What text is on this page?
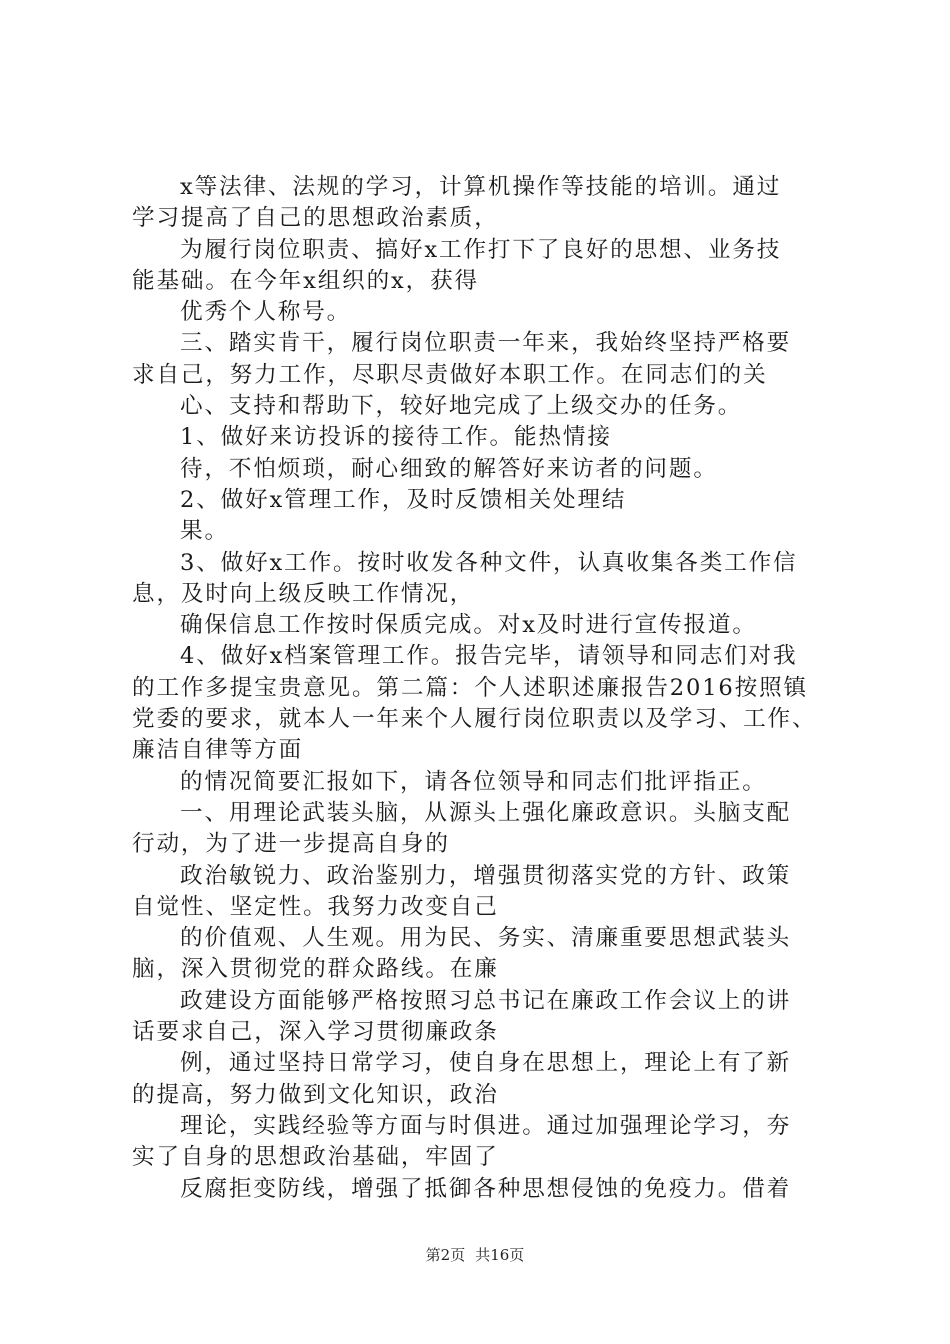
x等法律、法规的学习，计算机操作等技能的培训。通过
学习提高了自己的思想政治素质，
为履行岗位职责、搞好x工作打下了良好的思想、业务技
能基础。在今年x组织的x，获得
优秀个人称号。
三、踏实肯干，履行岗位职责一年来，我始终坚持严格要
求自己，努力工作，尽职尽责做好本职工作。在同志们的关
心、支持和帮助下，较好地完成了上级交办的任务。
1、做好来访投诉的接待工作。能热情接
待，不怕烦琐，耐心细致的解答好来访者的问题。
2、做好x管理工作，及时反馈相关处理结
果。
3、做好x工作。按时收发各种文件，认真收集各类工作信
息，及时向上级反映工作情况，
确保信息工作按时保质完成。对x及时进行宣传报道。
4、做好x档案管理工作。报告完毕，请领导和同志们对我
的工作多提宝贵意见。第二篇：个人述职述廉报告2016按照镇
党委的要求，就本人一年来个人履行岗位职责以及学习、工作、
廉洁自律等方面
的情况简要汇报如下，请各位领导和同志们批评指正。
一、用理论武装头脑，从源头上强化廉政意识。头脑支配
行动，为了进一步提高自身的
政治敏锐力、政治鉴别力，增强贯彻落实党的方针、政策
自觉性、坚定性。我努力改变自己
的价值观、人生观。用为民、务实、清廉重要思想武装头
脑，深入贯彻党的群众路线。在廉
政建设方面能够严格按照习总书记在廉政工作会议上的讲
话要求自己，深入学习贯彻廉政条
例，通过坚持日常学习，使自身在思想上，理论上有了新
的提高，努力做到文化知识，政治
理论，实践经验等方面与时俱进。通过加强理论学习，夯
实了自身的思想政治基础，牢固了
反腐拒变防线，增强了抵御各种思想侵蚀的免疫力。借着
第2页 共16页
